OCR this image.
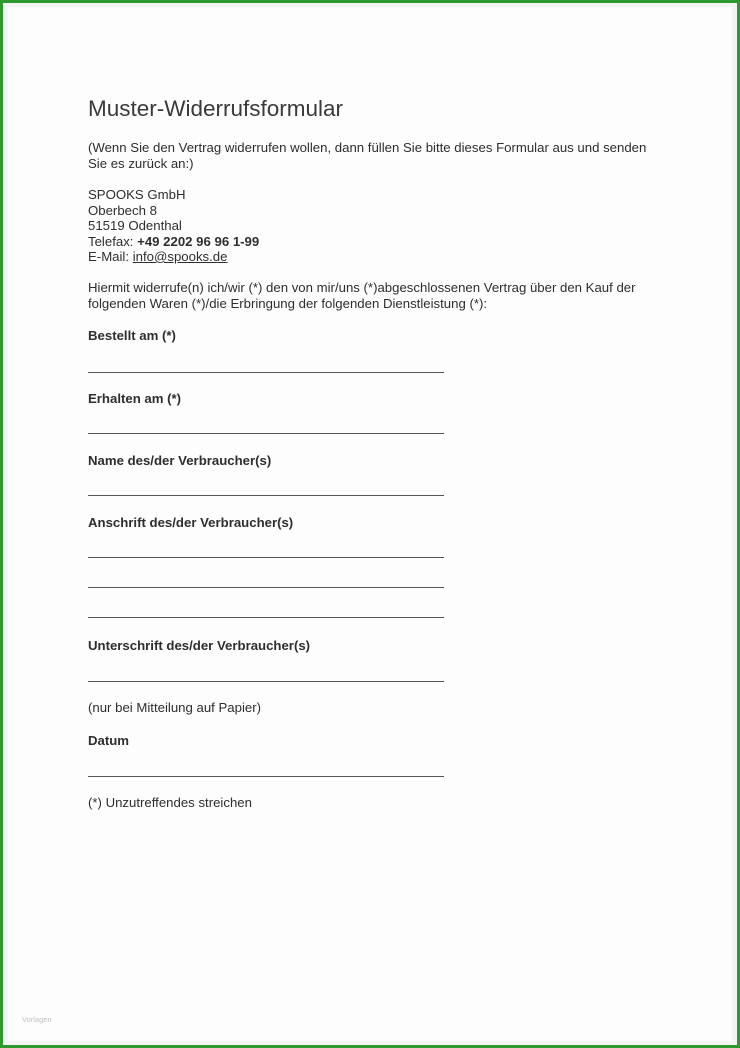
Muster-Widerrufsformular
(Wenn Sie den Vertrag widerrufen wollen, dann füllen Sie bitte dieses Formular aus und senden
Sie es zurück an:)
SPOOKS GmbH
Oberbech 8
51519 Odenthal
Telefax: +49 2202 96 96 1-99
E-Mail: info@spooks.de
Hiermit widerrufe(n) ich/wir (*) den von mir/uns (*)abgeschlossenen Vertrag über den Kauf der
folgenden Waren (*)/die Erbringung der folgenden Dienstleistung (*):
Bestellt am (*)
Erhalten am (*)
Name des/der Verbraucher(s)
Anschrift des/der Verbraucher(s)
Unterschrift des/der Verbraucher(s)
(nur bei Mitteilung auf Papier)
Datum
(*) Unzutreffendes streichen
Vorlagen
